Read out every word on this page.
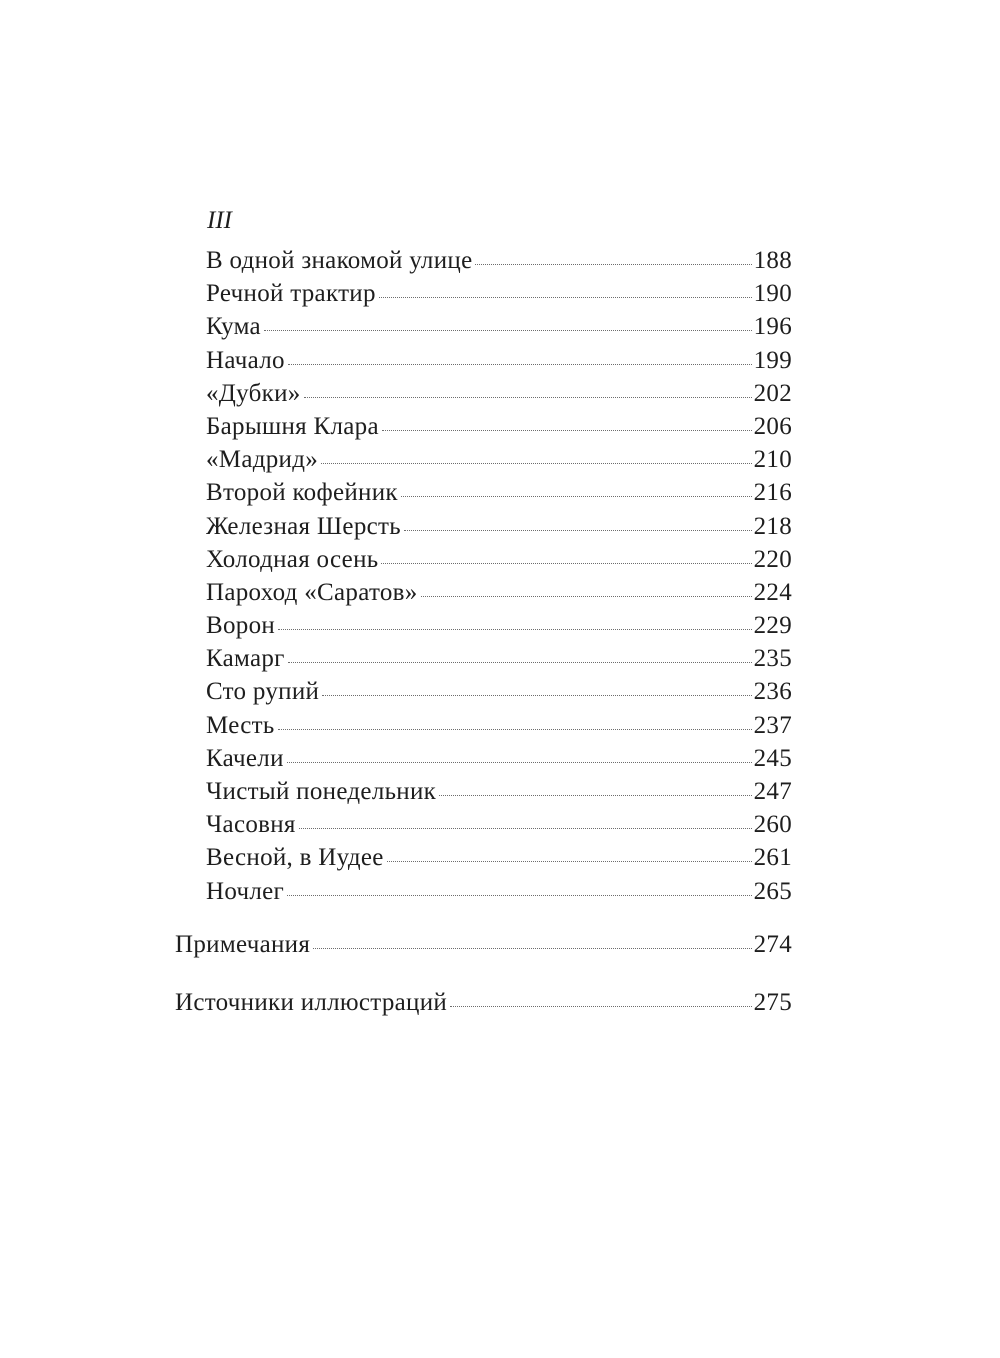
III
В одной знакомой улице	188
Речной трактир	190
Кума	196
Начало	199
«Дубки»	202
Барышня Клара	206
«Мадрид»	210
Второй кофейник	216
Железная Шерсть	218
Холодная осень	220
Пароход «Саратов»	224
Ворон	229
Камарг	235
Сто рупий	236
Месть	237
Качели	245
Чистый понедельник	247
Часовня	260
Весной, в Иудее	261
Ночлег	265
Примечания	274
Источники иллюстраций	275
